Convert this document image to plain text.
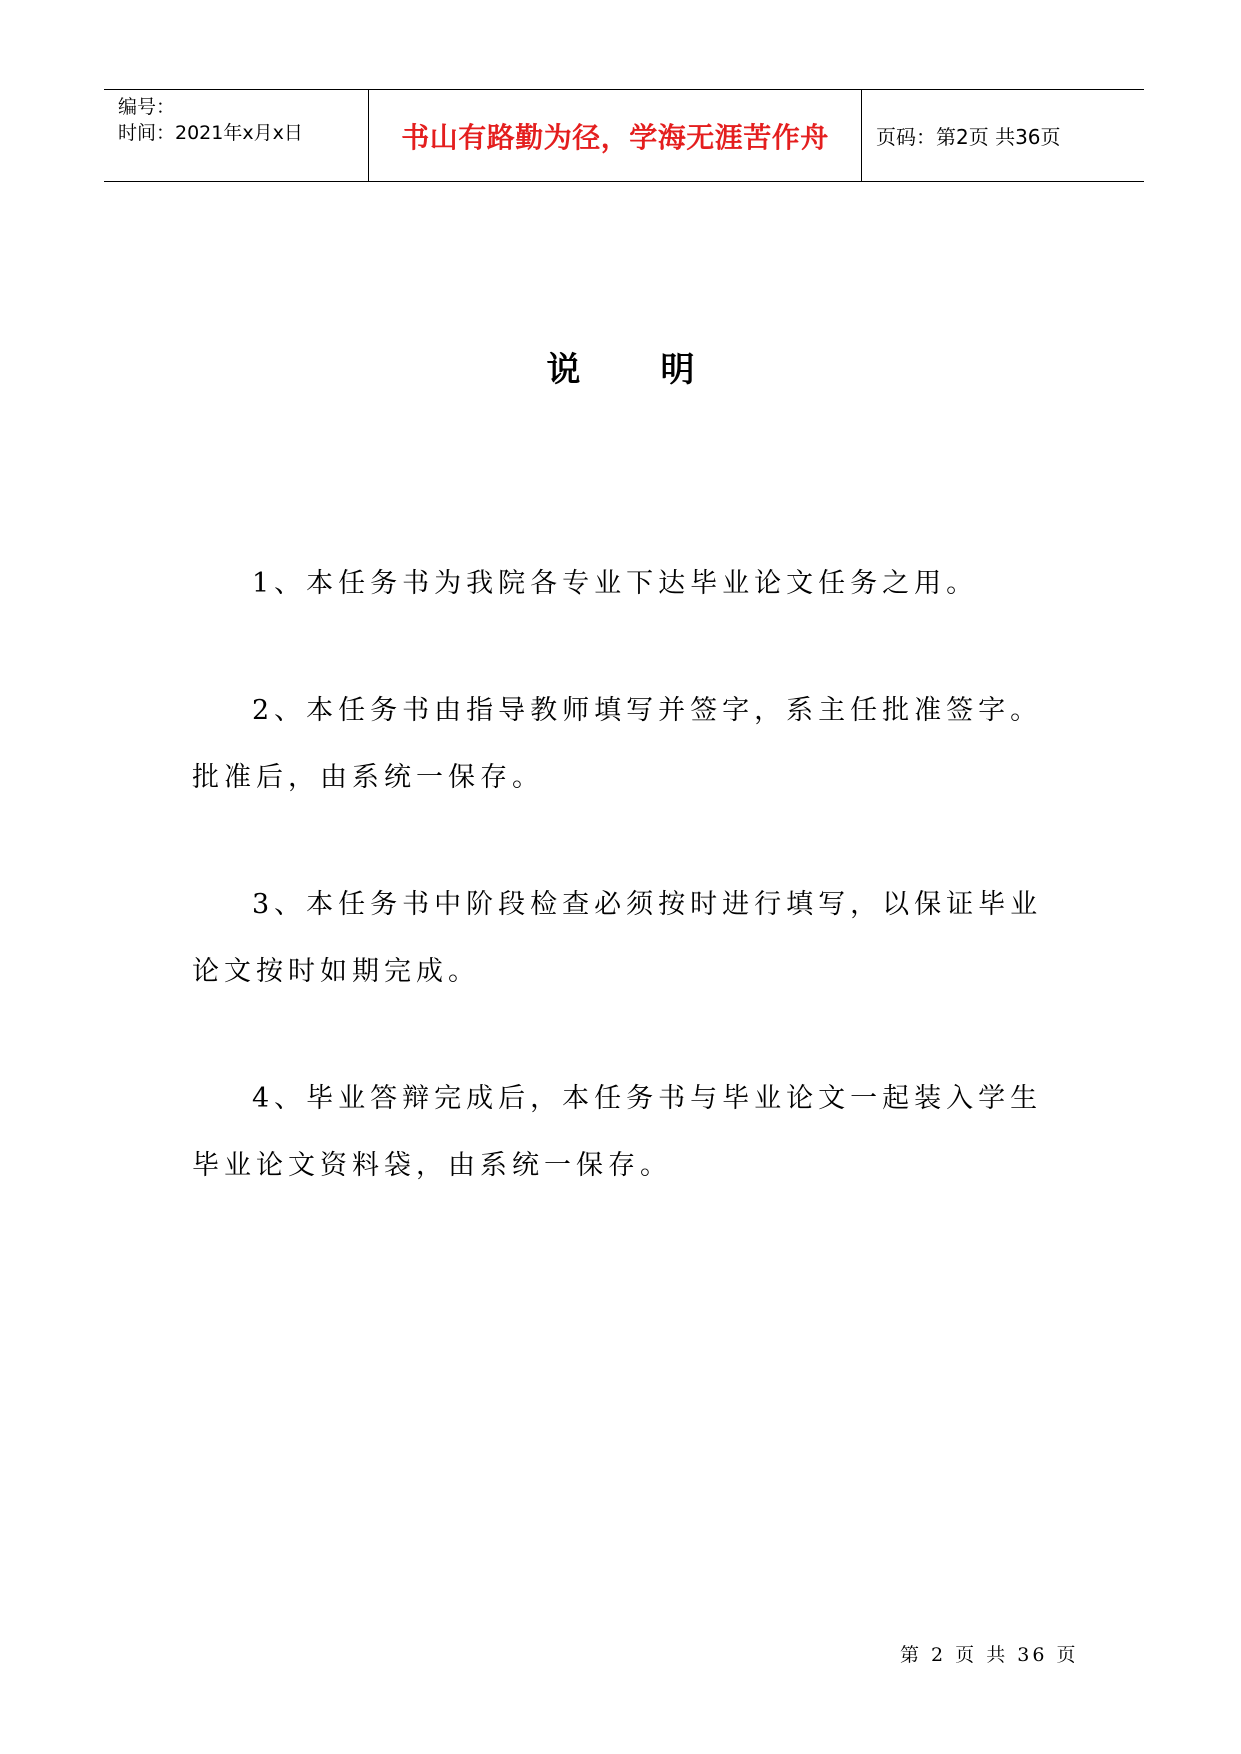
编号：
时间：2021年x月x日	书山有路勤为径，学海无涯苦作舟	页码：第2页 共36页
说明

1、本任务书为我院各专业下达毕业论文任务之用。

2、本任务书由指导教师填写并签字，系主任批准签字。批准后，由系统一保存。

3、本任务书中阶段检查必须按时进行填写，以保证毕业论文按时如期完成。

4、毕业答辩完成后，本任务书与毕业论文一起装入学生毕业论文资料袋，由系统一保存。

第 2 页 共 36 页
